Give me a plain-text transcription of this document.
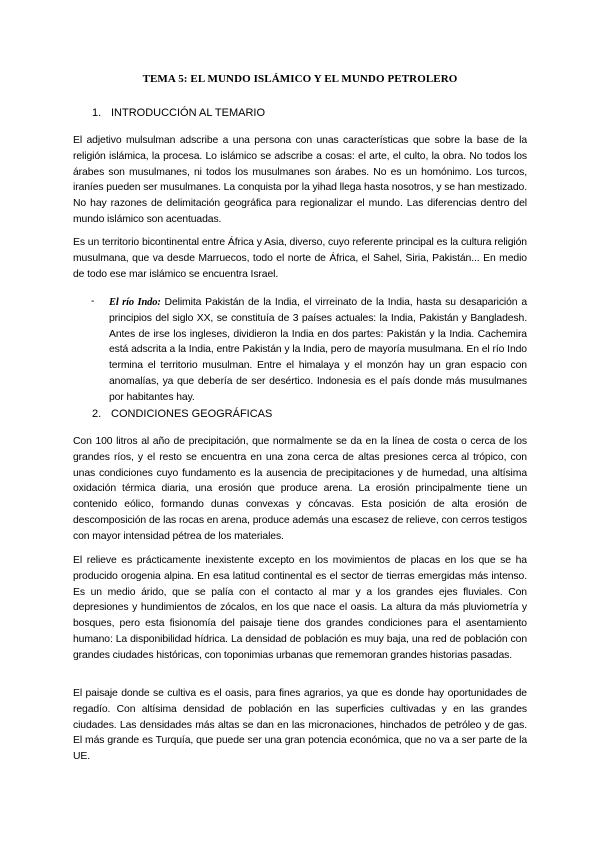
TEMA 5: EL MUNDO ISLÁMICO Y EL MUNDO PETROLERO
1. INTRODUCCIÓN AL TEMARIO

El adjetivo mulsulman adscribe a una persona con unas características que sobre la base de la religión islámica, la procesa. Lo islámico se adscribe a cosas: el arte, el culto, la obra. No todos los árabes son musulmanes, ni todos los musulmanes son árabes. No es un homónimo. Los turcos, iraníes pueden ser musulmanes. La conquista por la yihad llega hasta nosotros, y se han mestizado. No hay razones de delimitación geográfica para regionalizar el mundo. Las diferencias dentro del mundo islámico son acentuadas.

Es un territorio bicontinental entre África y Asia, diverso, cuyo referente principal es la cultura religión musulmana, que va desde Marruecos, todo el norte de África, el Sahel, Siria, Pakistán... En medio de todo ese mar islámico se encuentra Israel.

- El río Indo: Delimita Pakistán de la India, el virreinato de la India, hasta su desaparición a principios del siglo XX, se constituía de 3 países actuales: la India, Pakistán y Bangladesh. Antes de irse los ingleses, dividieron la India en dos partes: Pakistán y la India. Cachemira está adscrita a la India, entre Pakistán y la India, pero de mayoría musulmana. En el río Indo termina el territorio musulman. Entre el himalaya y el monzón hay un gran espacio con anomalías, ya que debería de ser desértico. Indonesia es el país donde más musulmanes por habitantes hay.

2. CONDICIONES GEOGRÁFICAS

Con 100 litros al año de precipitación, que normalmente se da en la línea de costa o cerca de los grandes ríos, y el resto se encuentra en una zona cerca de altas presiones cerca al trópico, con unas condiciones cuyo fundamento es la ausencia de precipitaciones y de humedad, una altísima oxidación térmica diaria, una erosión que produce arena. La erosión principalmente tiene un contenido eólico, formando dunas convexas y cóncavas. Esta posición de alta erosión de descomposición de las rocas en arena, produce además una escasez de relieve, con cerros testigos con mayor intensidad pétrea de los materiales.

El relieve es prácticamente inexistente excepto en los movimientos de placas en los que se ha producido orogenia alpina. En esa latitud continental es el sector de tierras emergidas más intenso. Es un medio árido, que se palía con el contacto al mar y a los grandes ejes fluviales. Con depresiones y hundimientos de zócalos, en los que nace el oasis. La altura da más pluviometría y bosques, pero esta fisionomía del paisaje tiene dos grandes condiciones para el asentamiento humano: La disponibilidad hídrica. La densidad de población es muy baja, una red de población con grandes ciudades históricas, con toponimias urbanas que rememoran grandes historias pasadas.

El paisaje donde se cultiva es el oasis, para fines agrarios, ya que es donde hay oportunidades de regadío. Con altísima densidad de población en las superficies cultivadas y en las grandes ciudades. Las densidades más altas se dan en las micronaciones, hinchados de petróleo y de gas. El más grande es Turquía, que puede ser una gran potencia económica, que no va a ser parte de la UE.
